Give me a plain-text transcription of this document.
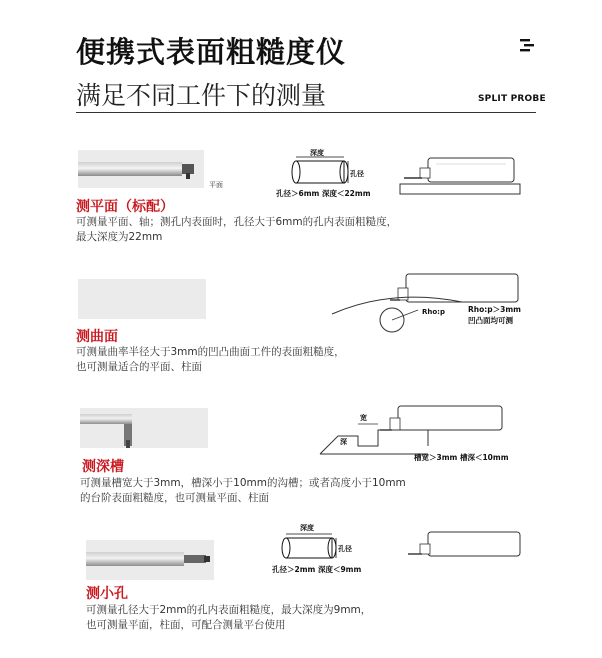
便携式表面粗糙度仪
满足不同工件下的测量	SPLIT PROBE
平面
深度
孔径
孔径＞6mm 深度＜22mm
测平面（标配）
可测量平面、轴；测孔内表面时，孔径大于6mm的孔内表面粗糙度，
最大深度为22mm
Rho:p	Rho:p＞3mm
凹凸面均可测
测曲面
可测量曲率半径大于3mm的凹凸曲面工件的表面粗糙度，
也可测量适合的平面、柱面
宽
深
槽宽＞3mm 槽深＜10mm
测深槽
可测量槽宽大于3mm，槽深小于10mm的沟槽；或者高度小于10mm
的台阶表面粗糙度，也可测量平面、柱面
深度
孔径
孔径＞2mm 深度＜9mm
测小孔
可测量孔径大于2mm的孔内表面粗糙度，最大深度为9mm，
也可测量平面，柱面，可配合测量平台使用
